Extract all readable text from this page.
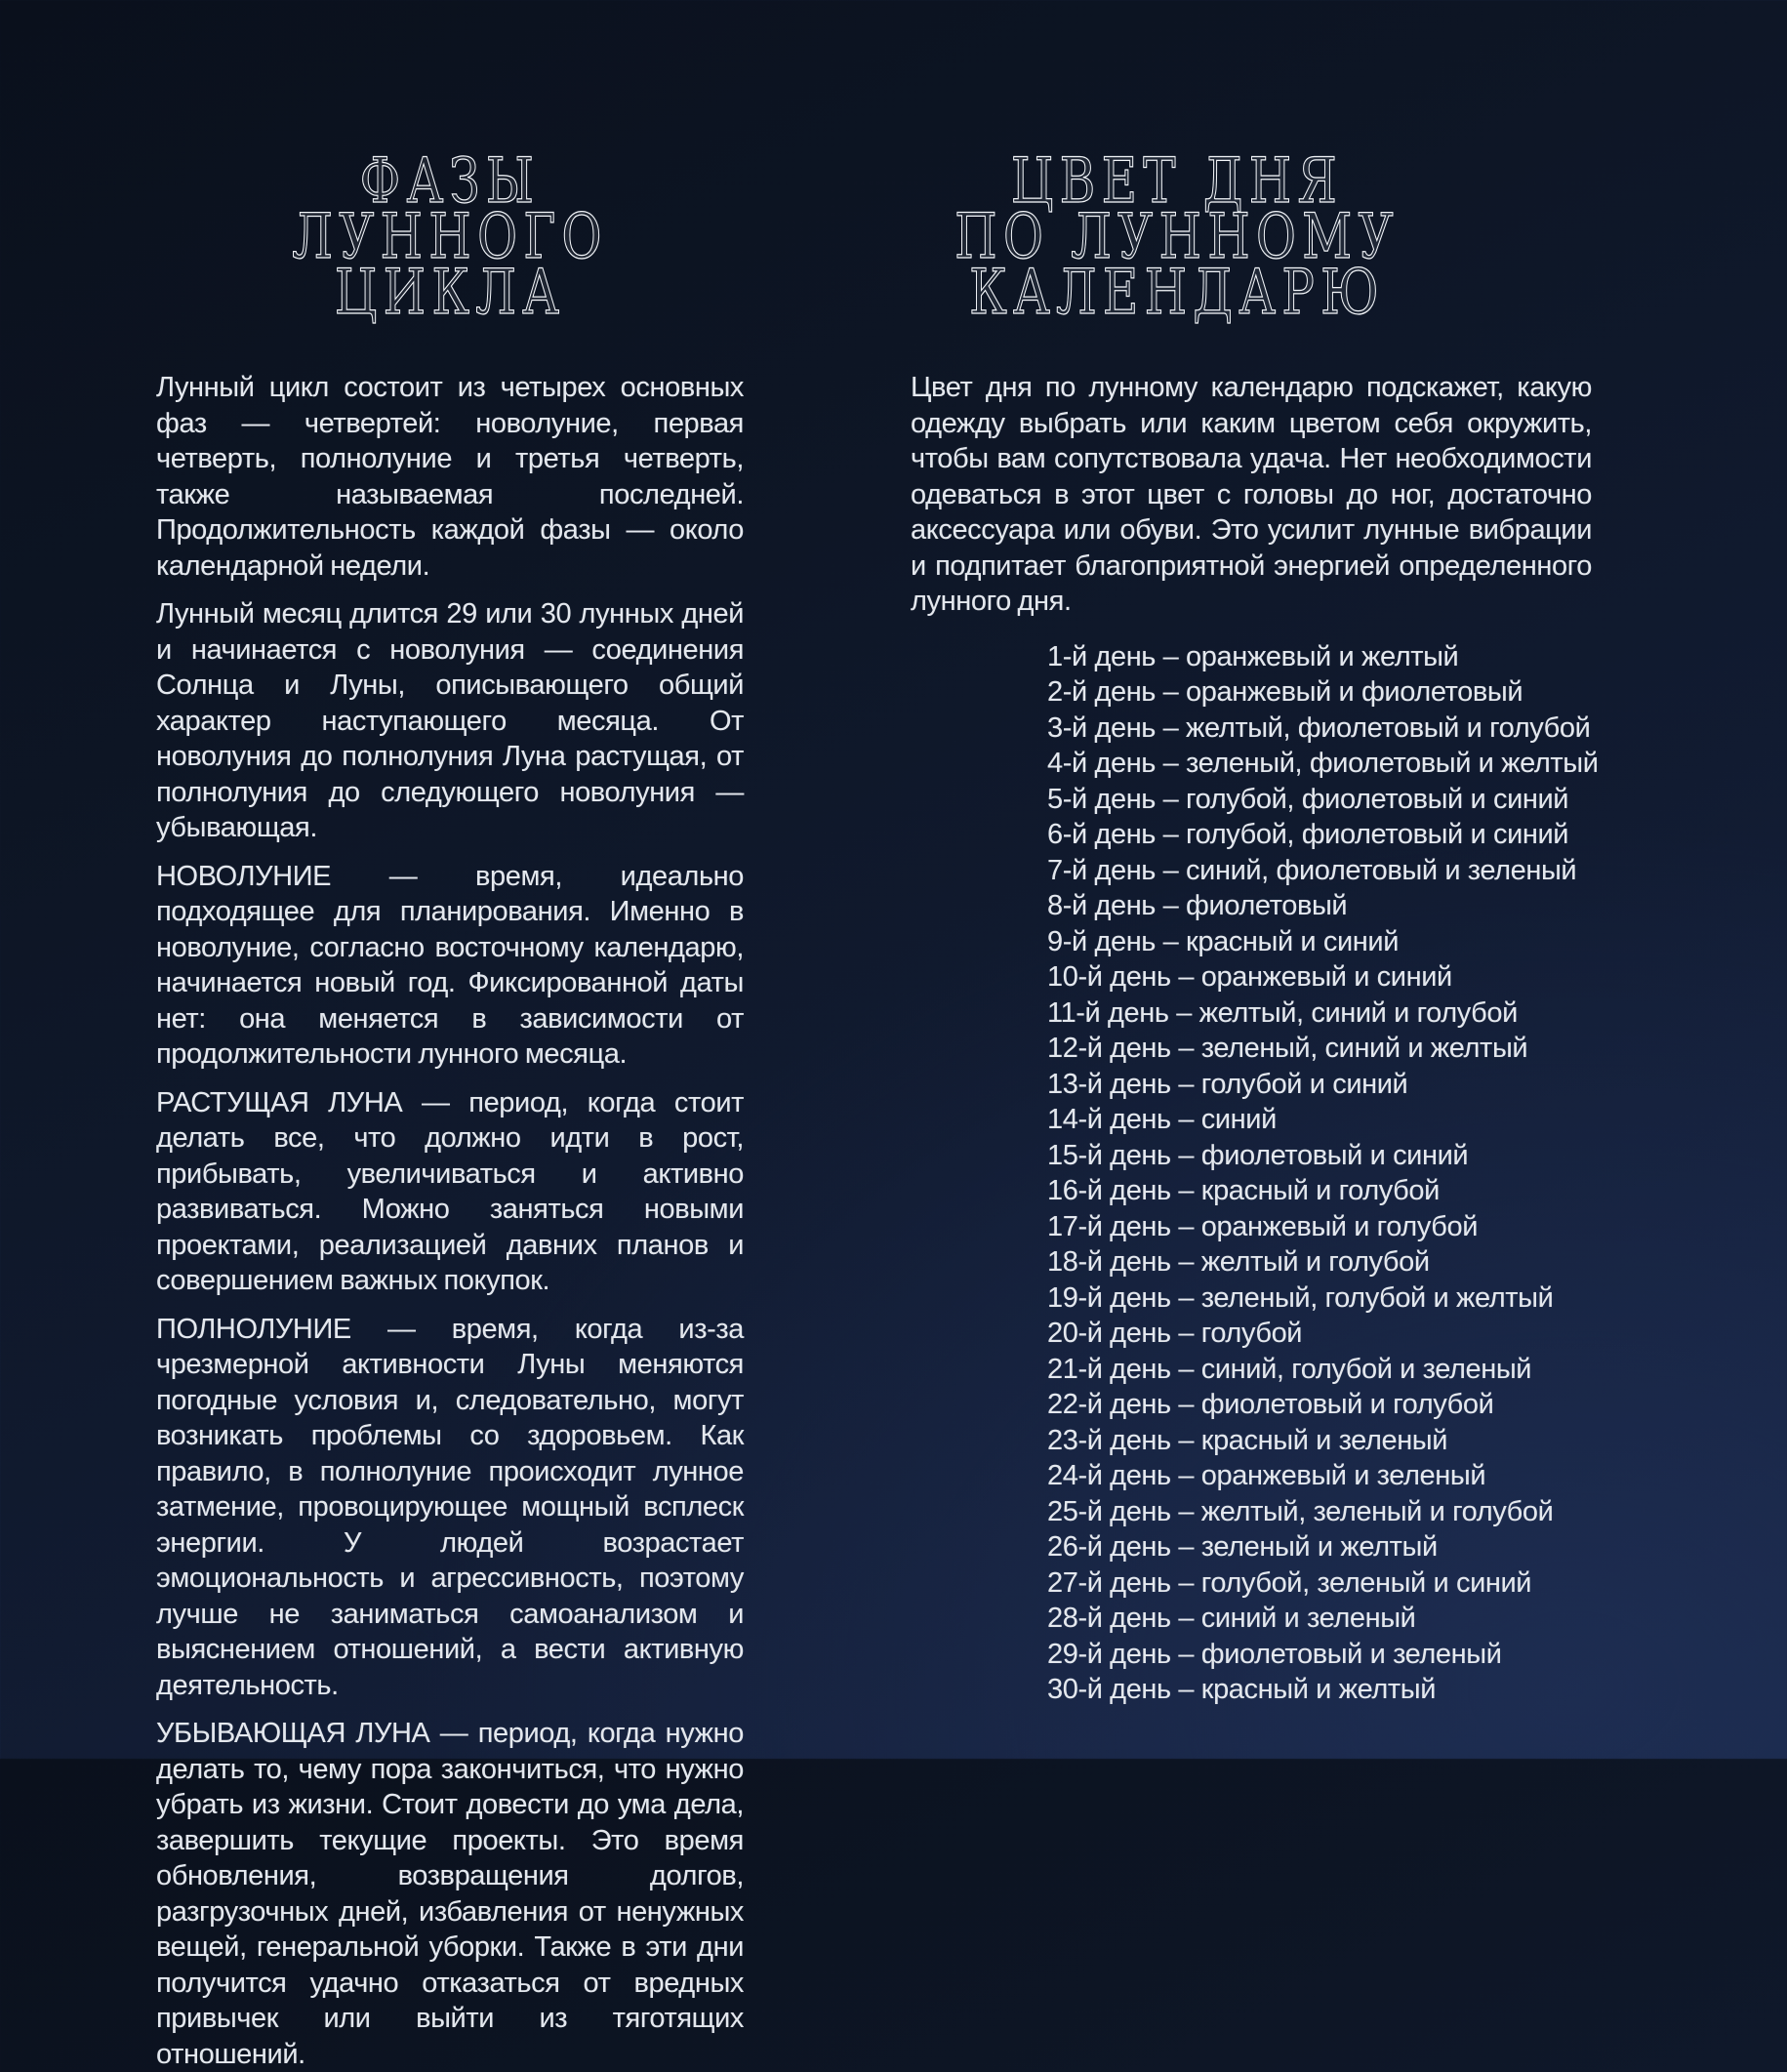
ФАЗЫ
ЛУННОГО
ЦИКЛА

Лунный цикл состоит из четырех основных фаз — четвертей: новолуние, первая четверть, полнолуние и третья четверть, также называемая последней. Продолжительность каждой фазы — около календарной недели.

Лунный месяц длится 29 или 30 лунных дней и начинается с новолуния — соединения Солнца и Луны, описывающего общий характер наступающего месяца. От новолуния до полнолуния Луна растущая, от полнолуния до следующего новолуния — убывающая.

НОВОЛУНИЕ — время, идеально подходящее для планирования. Именно в новолуние, согласно восточному календарю, начинается новый год. Фиксированной даты нет: она меняется в зависимости от продолжительности лунного месяца.

РАСТУЩАЯ ЛУНА — период, когда стоит делать все, что должно идти в рост, прибывать, увеличиваться и активно развиваться. Можно заняться новыми проектами, реализацией давних планов и совершением важных покупок.

ПОЛНОЛУНИЕ — время, когда из-за чрезмерной активности Луны меняются погодные условия и, следовательно, могут возникать проблемы со здоровьем. Как правило, в полнолуние происходит лунное затмение, провоцирующее мощный всплеск энергии. У людей возрастает эмоциональность и агрессивность, поэтому лучше не заниматься самоанализом и выяснением отношений, а вести активную деятельность.

УБЫВАЮЩАЯ ЛУНА — период, когда нужно делать то, чему пора закончиться, что нужно убрать из жизни. Стоит довести до ума дела, завершить текущие проекты. Это время обновления, возвращения долгов, разгрузочных дней, избавления от ненужных вещей, генеральной уборки. Также в эти дни получится удачно отказаться от вредных привычек или выйти из тяготящих отношений.

ЦВЕТ ДНЯ
ПО ЛУННОМУ
КАЛЕНДАРЮ

Цвет дня по лунному календарю подскажет, какую одежду выбрать или каким цветом себя окружить, чтобы вам сопутствовала удача. Нет необходимости одеваться в этот цвет с головы до ног, достаточно аксессуара или обуви. Это усилит лунные вибрации и подпитает благоприятной энергией определенного лунного дня.

1-й день – оранжевый и желтый
2-й день – оранжевый и фиолетовый
3-й день – желтый, фиолетовый и голубой
4-й день – зеленый, фиолетовый и желтый
5-й день – голубой, фиолетовый и синий
6-й день – голубой, фиолетовый и синий
7-й день – синий, фиолетовый и зеленый
8-й день – фиолетовый
9-й день – красный и синий
10-й день – оранжевый и синий
11-й день – желтый, синий и голубой
12-й день – зеленый, синий и желтый
13-й день – голубой и синий
14-й день – синий
15-й день – фиолетовый и синий
16-й день – красный и голубой
17-й день – оранжевый и голубой
18-й день – желтый и голубой
19-й день – зеленый, голубой и желтый
20-й день – голубой
21-й день – синий, голубой и зеленый
22-й день – фиолетовый и голубой
23-й день – красный и зеленый
24-й день – оранжевый и зеленый
25-й день – желтый, зеленый и голубой
26-й день – зеленый и желтый
27-й день – голубой, зеленый и синий
28-й день – синий и зеленый
29-й день – фиолетовый и зеленый
30-й день – красный и желтый
